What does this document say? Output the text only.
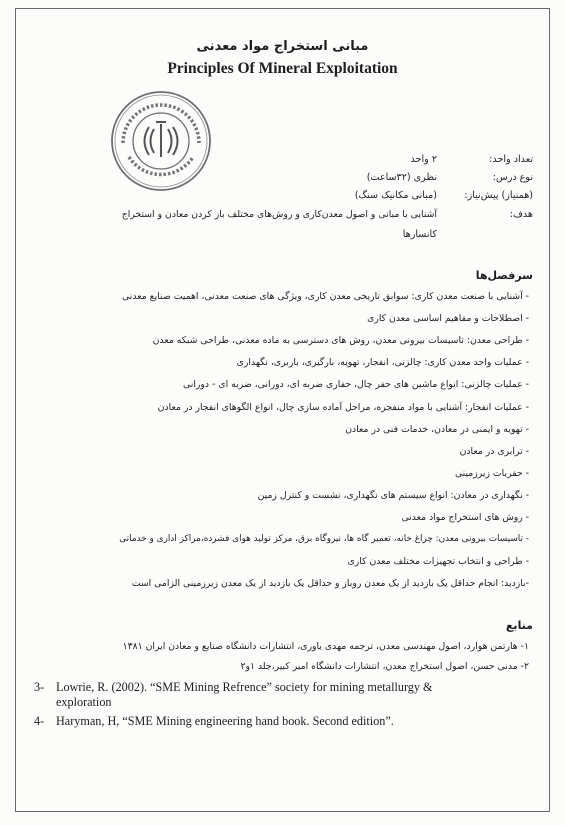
مبانی استخراج مواد معدنی
Principles Of Mineral Exploitation
تعداد واحد:
۲ واحد
نوع درس:
نظری (۳۲ساعت)
(همنیاز) پیش‌نیاز:
(مبانی مکانیک سنگ)
هدف:
آشنایی با مبانی و اصول معدن‌کاری و روش‌های مختلف باز کردن معادن و استخراج
کانسارها
سرفصل‌ها
- آشنایی با صنعت معدن کاری: سوابق تاریخی معدن کاری، ویژگی های صنعت معدنی، اهمیت صنایع معدنی
- اصطلاحات و مفاهیم اساسی معدن کاری
- طراحی معدن: تاسیسات بیرونی معدن، روش های دسترسی به ماده معدنی، طراحی شبکه معدن
- عملیات واحد معدن کاری: چالزنی، انفجار، تهویه، بارگیری، باربری، نگهداری
- عملیات چالزنی: انواع ماشین های حفر چال، حفاری ضربه ای، دورانی، ضربه ای - دورانی
- عملیات انفجار: آشنایی با مواد منفجره، مراحل آماده سازی چال، انواع الگوهای انفجار در معادن
- تهویه و ایمنی در معادن، خدمات فنی در معادن
- ترابری در معادن
- حفریات زیرزمینی
- نگهداری در معادن: انواع سیستم های نگهداری، نشست و کنترل زمین
- روش های استخراج مواد معدنی
- تاسیسات بیرونی معدن: چراغ خانه، تعمیر گاه ها، نیروگاه برق، مرکز تولید هوای فشرده،مراکز اداری و خدماتی
- طراحی و انتخاب تجهیزات مختلف معدن کاری
-بازدید: انجام حداقل یک بازدید از یک معدن روباز و حداقل یک بازدید از یک معدن زیرزمینی الزامی است
منابع
۱- هارتمن هوارد، اصول مهندسی معدن، ترجمه مهدی یاوری، انتشارات دانشگاه صنایع و معادن ایران ۱۳۸۱
۲- مدنی حسن، اصول استخراج معدن، انتشارات دانشگاه امیر کبیر،جلد ۱و۲
3- Lowrie, R. (2002). “SME Mining Refrence” society for mining metallurgy &
exploration
4- Haryman, H, “SME Mining engineering hand book. Second edition”.
